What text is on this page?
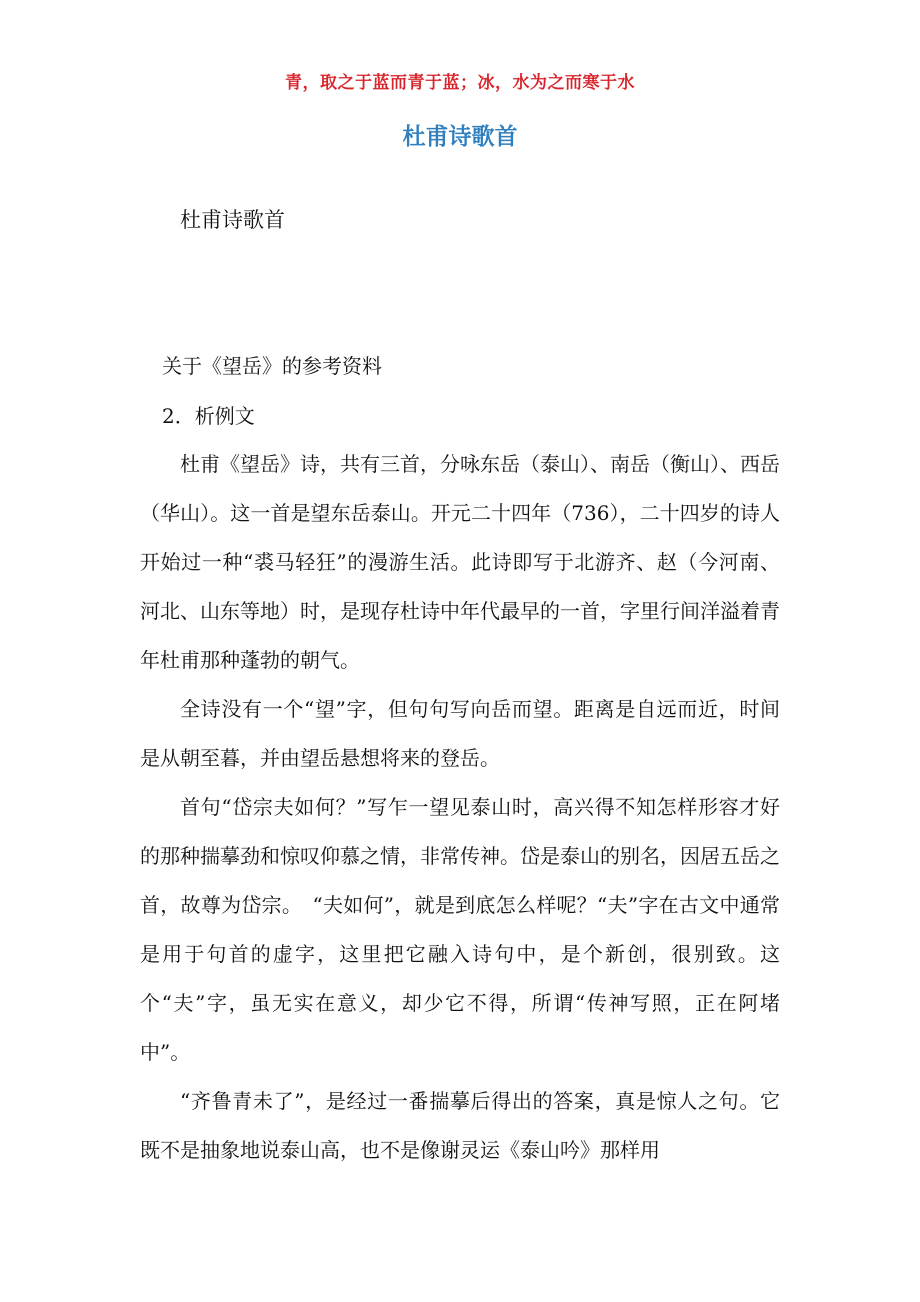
青，取之于蓝而青于蓝；冰，水为之而寒于水
杜甫诗歌首
杜甫诗歌首
关于《望岳》的参考资料
2．析例文

杜甫《望岳》诗，共有三首，分咏东岳（泰山）、南岳（衡山）、西岳（华山）。这一首是望东岳泰山。开元二十四年（736），二十四岁的诗人开始过一种“裘马轻狂”的漫游生活。此诗即写于北游齐、赵（今河南、河北、山东等地）时，是现存杜诗中年代最早的一首，字里行间洋溢着青年杜甫那种蓬勃的朝气。

全诗没有一个“望”字，但句句写向岳而望。距离是自远而近，时间是从朝至暮，并由望岳悬想将来的登岳。

首句“岱宗夫如何？”写乍一望见泰山时，高兴得不知怎样形容才好的那种揣摹劲和惊叹仰慕之情，非常传神。岱是泰山的别名，因居五岳之首，故尊为岱宗。　“夫如何”，就是到底怎么样呢？“夫”字在古文中通常是用于句首的虚字，这里把它融入诗句中，是个新创，很别致。这个“夫”字，虽无实在意义，却少它不得，所谓“传神写照，正在阿堵中”。

“齐鲁青未了”，是经过一番揣摹后得出的答案，真是惊人之句。它既不是抽象地说泰山高，也不是像谢灵运《泰山吟》那样用
